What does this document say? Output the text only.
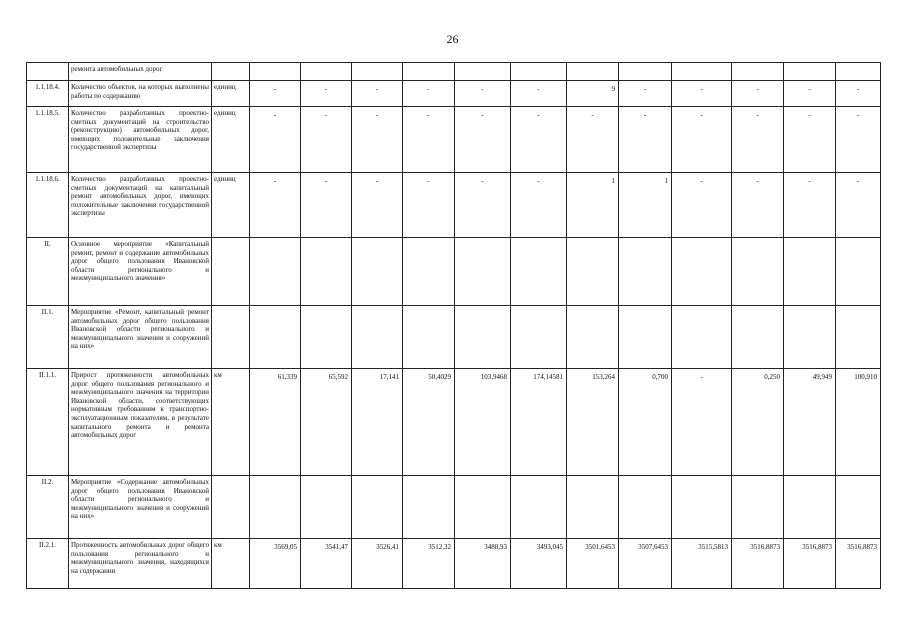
26
	ремонта автомобильных дорог													
1.1.18.4.	Количество объектов, на которых выполнены работы по содержанию	единиц	-	-	-	-	-	-	9	-	-	-	-	-
1.1.18.5.	Количество разработанных проектно-сметных документаций на строительство (реконструкцию) автомобильных дорог, имеющих положительные заключения государственной экспертизы	единиц	-	-	-	-	-	-	-	-	-	-	-	-
1.1.18.6.	Количество разработанных проектно-сметных документаций на капитальный ремонт автомобильных дорог, имеющих положительные заключения государственной экспертизы	единиц	-	-	-	-	-	-	1	1	-	-	-	-
II.	Основное мероприятие «Капитальный ремонт, ремонт и содержание автомобильных дорог общего пользования Ивановской области регионального и межмуниципального значения»													
II.1.	Мероприятие «Ремонт, капитальный ремонт автомобильных дорог общего пользования Ивановской области регионального и межмуниципального значения и сооружений на них»													
II.1.1.	Прирост протяженности автомобильных дорог общего пользования регионального и межмуниципального значения на территории Ивановской области, соответствующих нормативным требованиям к транспортно-эксплуатационным показателям, в результате капитального ремонта и ремонта автомобильных дорог	км	61,339	65,592	17,141	50,4029	103,9468	174,14581	153,264	0,700	-	0,250	49,949	100,910
II.2.	Мероприятие «Содержание автомобильных дорог общего пользования Ивановской области регионального и межмуниципального значения и сооружений на них»													
II.2.1.	Протяженность автомобильных дорог общего пользования регионального и межмуниципального значения, находящихся на содержании	км	3569,05	3541,47	3526,41	3512,32	3488,93	3493,045	3501,6453	3507,6453	3515,5813	3516,8873	3516,8873	3516,8873
